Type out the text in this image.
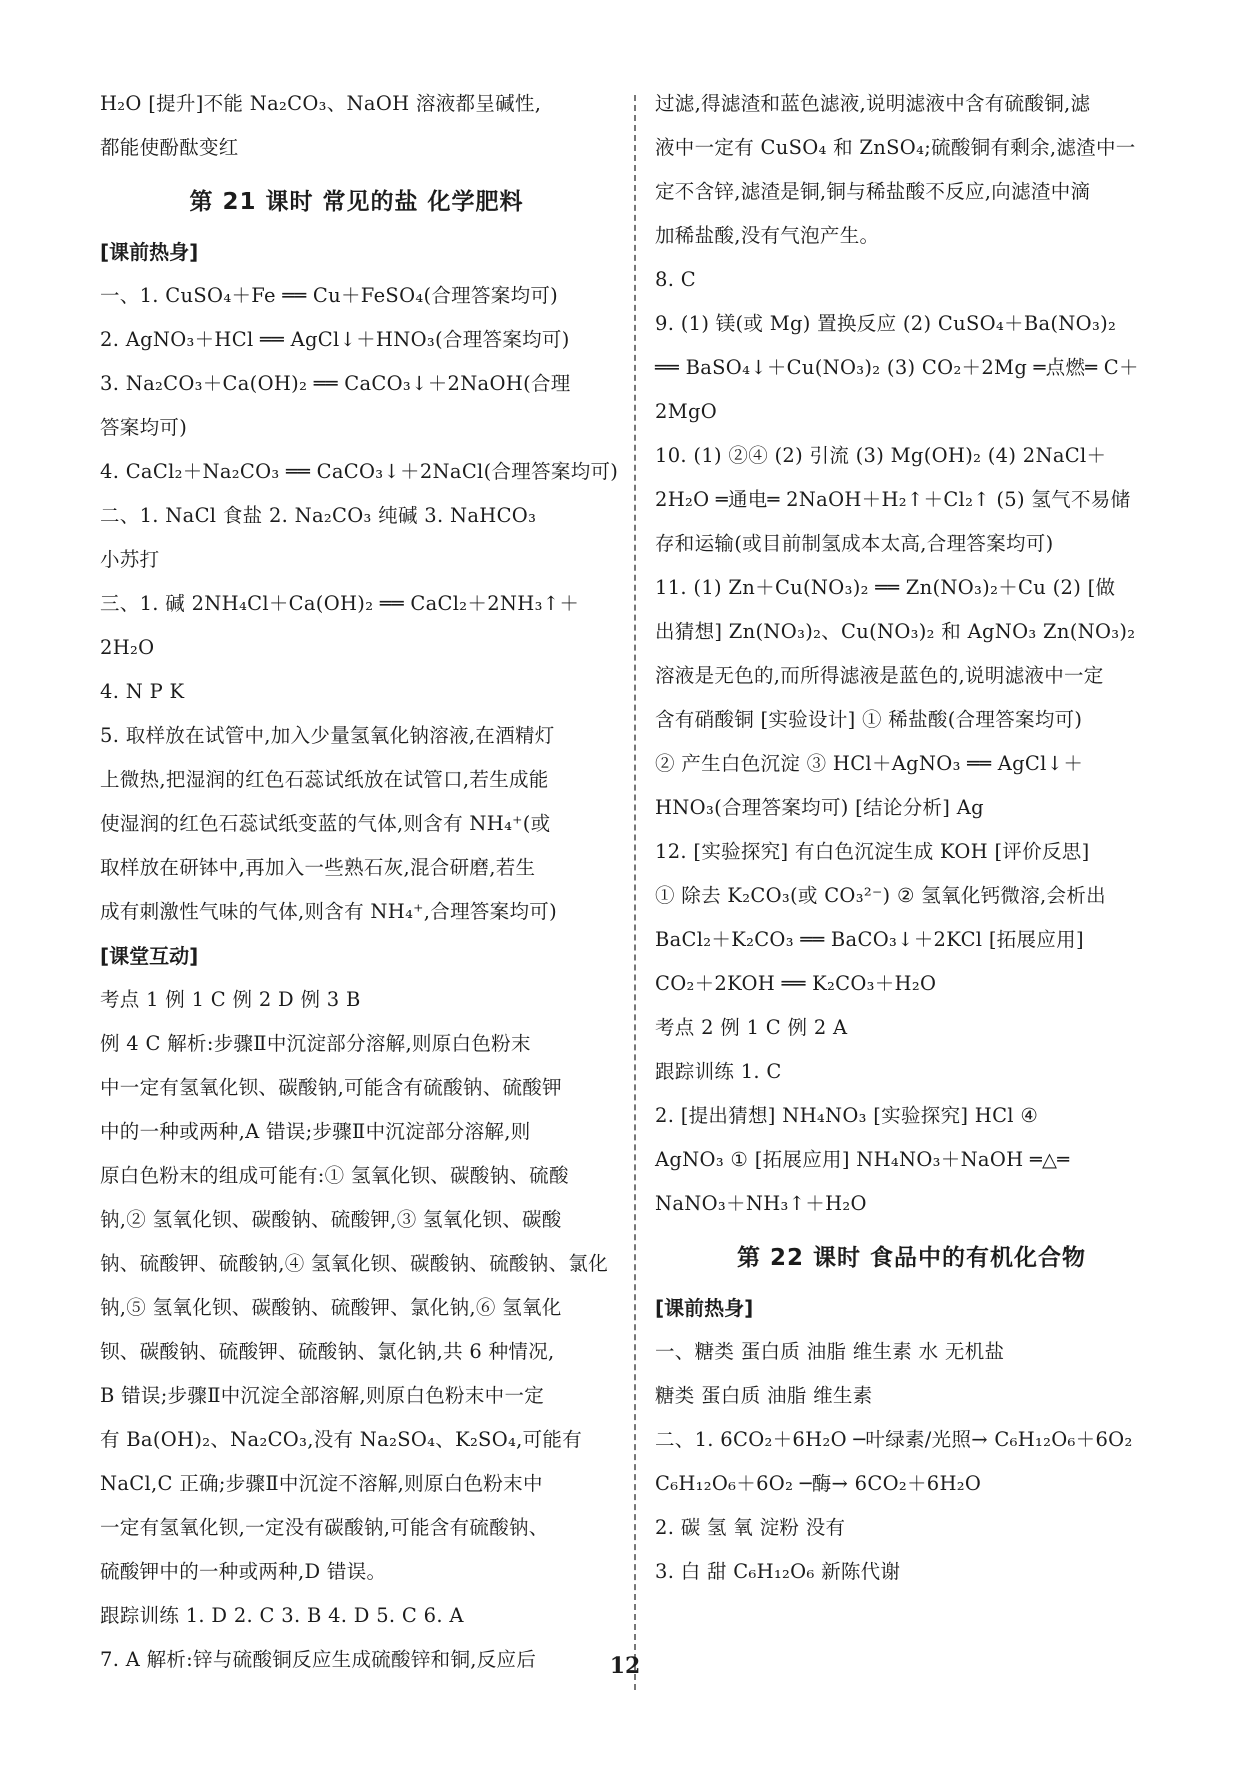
H₂O [提升]不能 Na₂CO₃、NaOH 溶液都呈碱性,
都能使酚酞变红
第 21 课时 常见的盐 化学肥料
[课前热身]
一、1. CuSO₄＋Fe ══ Cu＋FeSO₄(合理答案均可)
2. AgNO₃＋HCl ══ AgCl↓＋HNO₃(合理答案均可)
3. Na₂CO₃＋Ca(OH)₂ ══ CaCO₃↓＋2NaOH(合理
答案均可)
4. CaCl₂＋Na₂CO₃ ══ CaCO₃↓＋2NaCl(合理答案均可)
二、1. NaCl 食盐 2. Na₂CO₃ 纯碱 3. NaHCO₃
小苏打
三、1. 碱 2NH₄Cl＋Ca(OH)₂ ══ CaCl₂＋2NH₃↑＋
2H₂O
4. N P K
5. 取样放在试管中,加入少量氢氧化钠溶液,在酒精灯
上微热,把湿润的红色石蕊试纸放在试管口,若生成能
使湿润的红色石蕊试纸变蓝的气体,则含有 NH₄⁺(或
取样放在研钵中,再加入一些熟石灰,混合研磨,若生
成有刺激性气味的气体,则含有 NH₄⁺,合理答案均可)
[课堂互动]
考点 1 例 1 C 例 2 D 例 3 B
例 4 C 解析:步骤Ⅱ中沉淀部分溶解,则原白色粉末
中一定有氢氧化钡、碳酸钠,可能含有硫酸钠、硫酸钾
中的一种或两种,A 错误;步骤Ⅱ中沉淀部分溶解,则
原白色粉末的组成可能有:① 氢氧化钡、碳酸钠、硫酸
钠,② 氢氧化钡、碳酸钠、硫酸钾,③ 氢氧化钡、碳酸
钠、硫酸钾、硫酸钠,④ 氢氧化钡、碳酸钠、硫酸钠、氯化
钠,⑤ 氢氧化钡、碳酸钠、硫酸钾、氯化钠,⑥ 氢氧化
钡、碳酸钠、硫酸钾、硫酸钠、氯化钠,共 6 种情况,
B 错误;步骤Ⅱ中沉淀全部溶解,则原白色粉末中一定
有 Ba(OH)₂、Na₂CO₃,没有 Na₂SO₄、K₂SO₄,可能有
NaCl,C 正确;步骤Ⅱ中沉淀不溶解,则原白色粉末中
一定有氢氧化钡,一定没有碳酸钠,可能含有硫酸钠、
硫酸钾中的一种或两种,D 错误。
跟踪训练 1. D 2. C 3. B 4. D 5. C 6. A
7. A 解析:锌与硫酸铜反应生成硫酸锌和铜,反应后
过滤,得滤渣和蓝色滤液,说明滤液中含有硫酸铜,滤
液中一定有 CuSO₄ 和 ZnSO₄;硫酸铜有剩余,滤渣中一
定不含锌,滤渣是铜,铜与稀盐酸不反应,向滤渣中滴
加稀盐酸,没有气泡产生。
8. C
9. (1) 镁(或 Mg) 置换反应 (2) CuSO₄＋Ba(NO₃)₂
══ BaSO₄↓＋Cu(NO₃)₂ (3) CO₂＋2Mg ═点燃═ C＋
2MgO
10. (1) ②④ (2) 引流 (3) Mg(OH)₂ (4) 2NaCl＋
2H₂O ═通电═ 2NaOH＋H₂↑＋Cl₂↑ (5) 氢气不易储
存和运输(或目前制氢成本太高,合理答案均可)
11. (1) Zn＋Cu(NO₃)₂ ══ Zn(NO₃)₂＋Cu (2) [做
出猜想] Zn(NO₃)₂、Cu(NO₃)₂ 和 AgNO₃ Zn(NO₃)₂
溶液是无色的,而所得滤液是蓝色的,说明滤液中一定
含有硝酸铜 [实验设计] ① 稀盐酸(合理答案均可)
② 产生白色沉淀 ③ HCl＋AgNO₃ ══ AgCl↓＋
HNO₃(合理答案均可) [结论分析] Ag
12. [实验探究] 有白色沉淀生成 KOH [评价反思]
① 除去 K₂CO₃(或 CO₃²⁻) ② 氢氧化钙微溶,会析出
BaCl₂＋K₂CO₃ ══ BaCO₃↓＋2KCl [拓展应用]
CO₂＋2KOH ══ K₂CO₃＋H₂O
考点 2 例 1 C 例 2 A
跟踪训练 1. C
2. [提出猜想] NH₄NO₃ [实验探究] HCl ④
AgNO₃ ① [拓展应用] NH₄NO₃＋NaOH ═△═
NaNO₃＋NH₃↑＋H₂O
第 22 课时 食品中的有机化合物
[课前热身]
一、糖类 蛋白质 油脂 维生素 水 无机盐
糖类 蛋白质 油脂 维生素
二、1. 6CO₂＋6H₂O ─叶绿素/光照→ C₆H₁₂O₆＋6O₂
C₆H₁₂O₆＋6O₂ ─酶→ 6CO₂＋6H₂O
2. 碳 氢 氧 淀粉 没有
3. 白 甜 C₆H₁₂O₆ 新陈代谢
12
